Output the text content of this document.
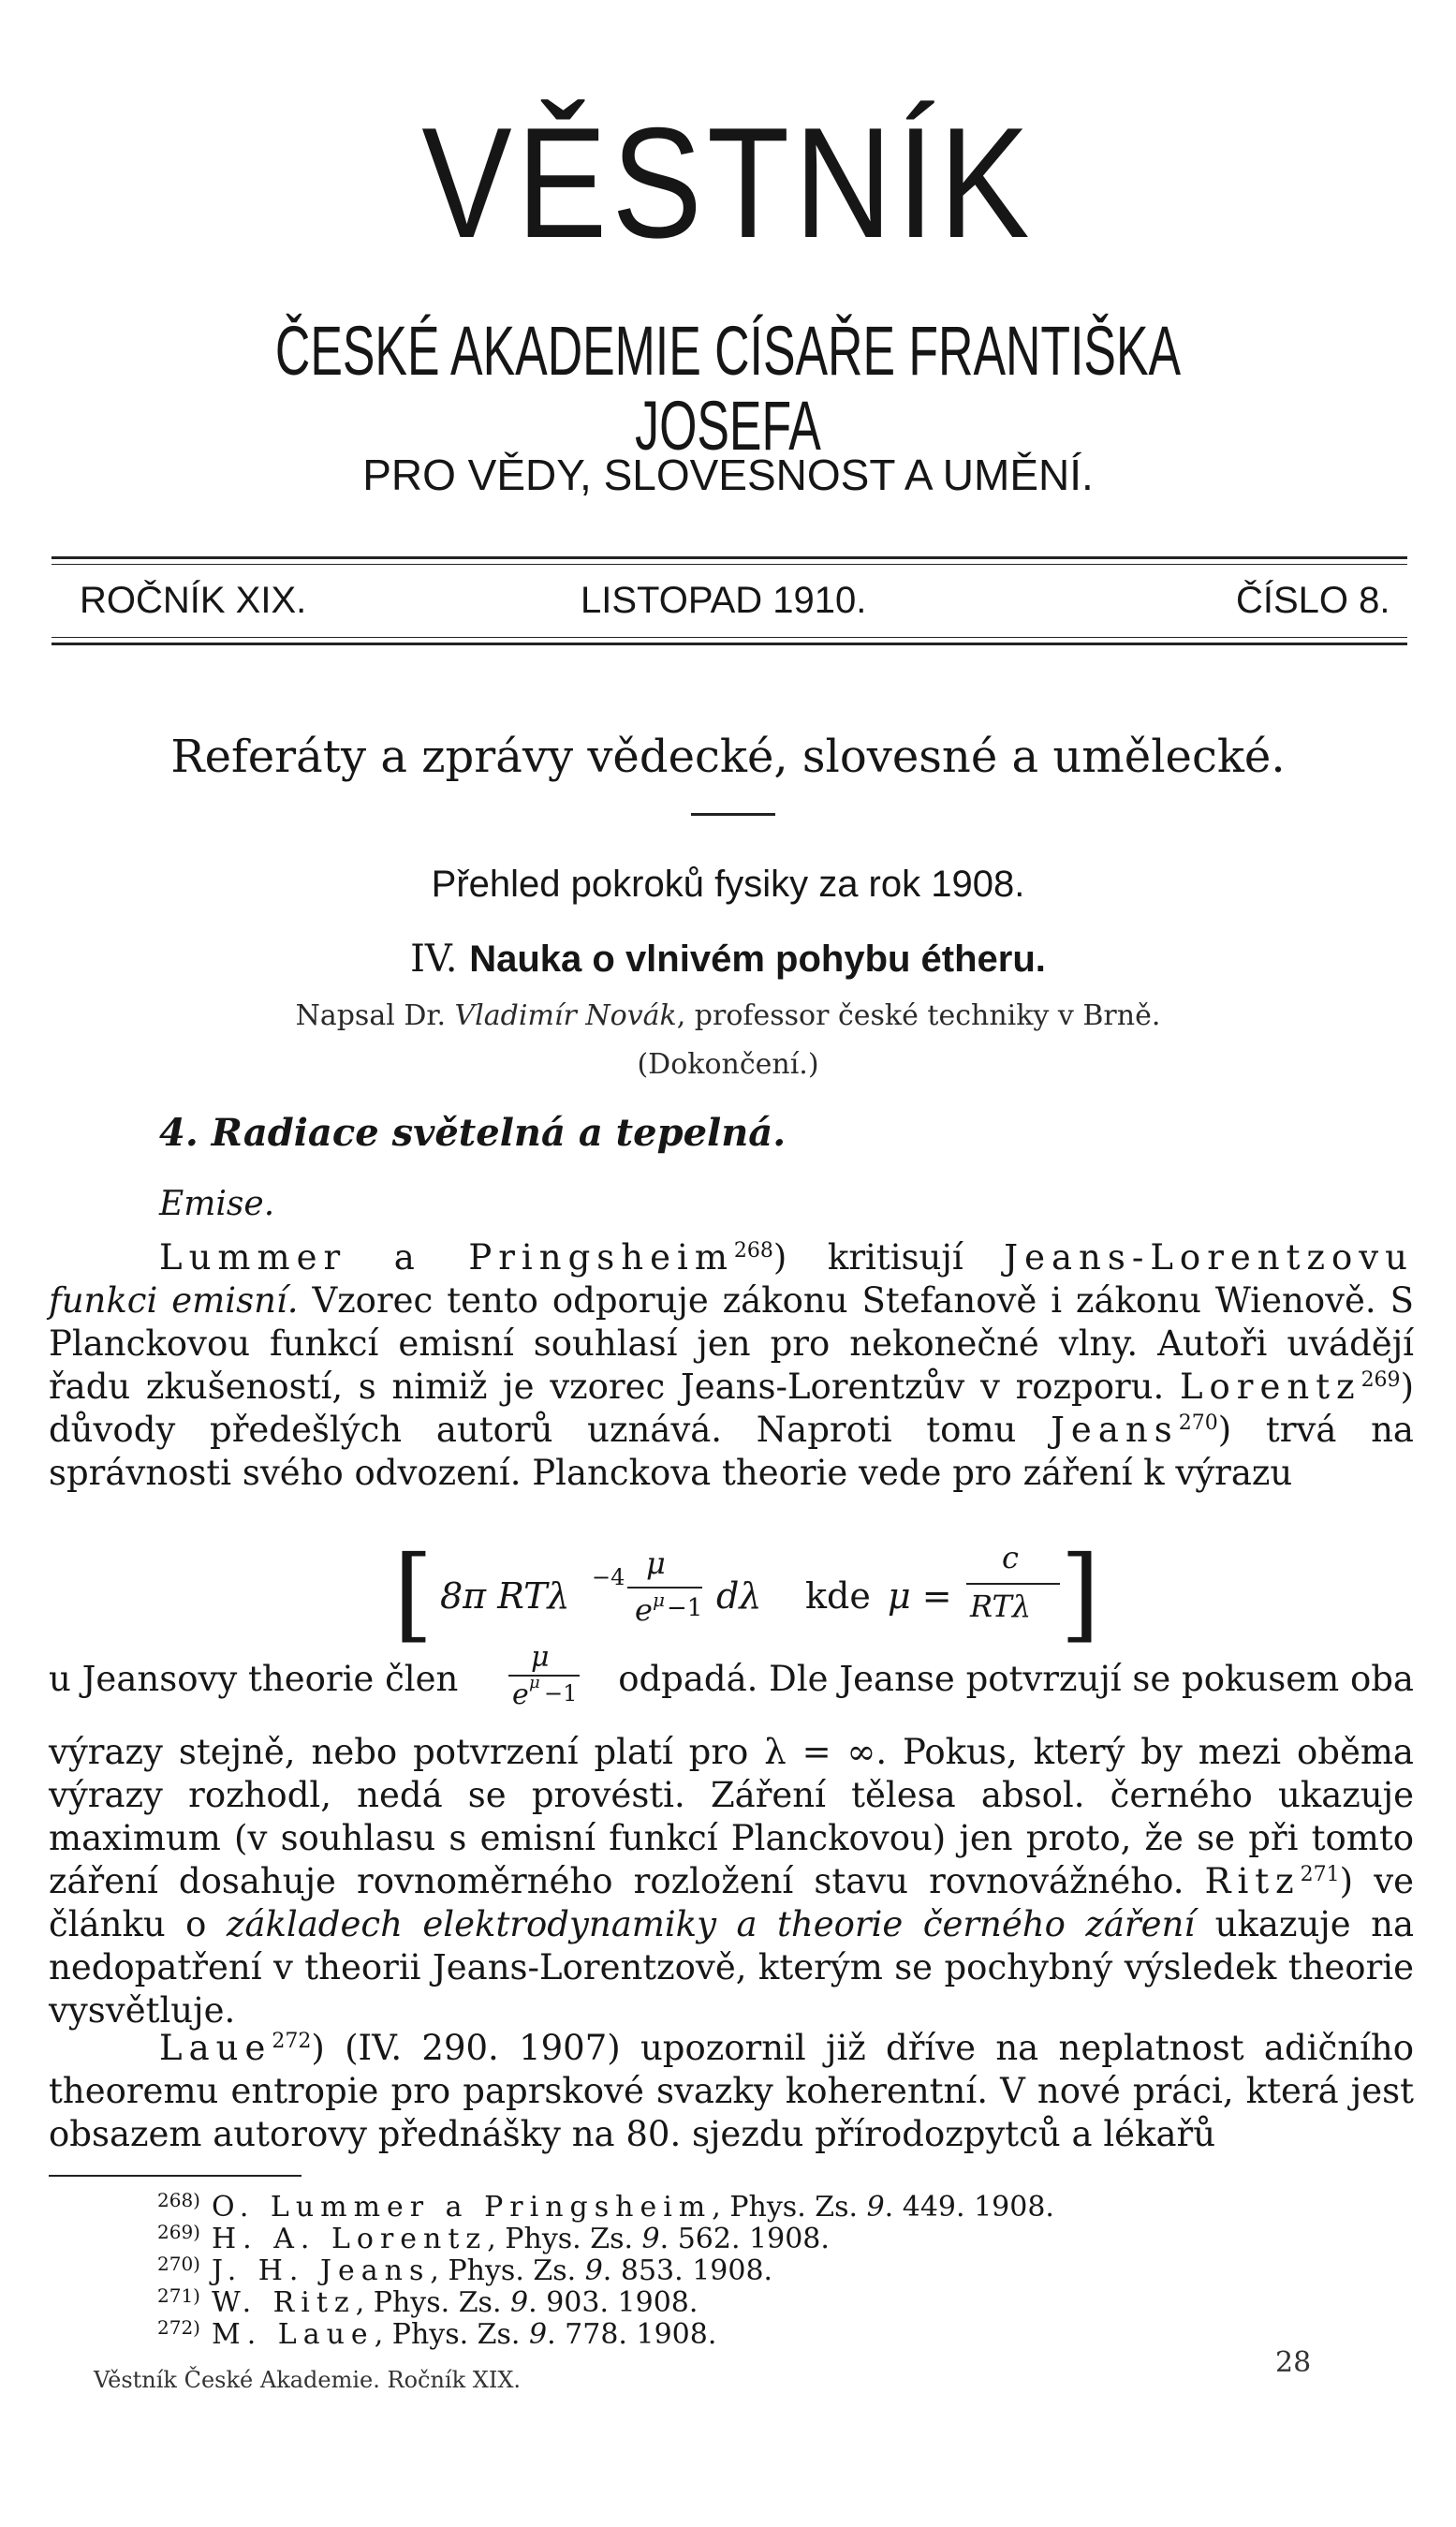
VĚSTNÍK
ČESKÉ AKADEMIE CÍSAŘE FRANTIŠKA JOSEFA
PRO VĚDY, SLOVESNOST A UMĚNÍ.
ROČNÍK XIX.	LISTOPAD 1910.	ČÍSLO 8.
Referáty a zprávy vědecké, slovesné a umělecké.
Přehled pokroků fysiky za rok 1908.
IV. Nauka o vlnivém pohybu étheru.
Napsal Dr. Vladimír Novák, professor české techniky v Brně.
(Dokončení.)
4. Radiace světelná a tepelná.
Emise.
Lummer a Pringsheim$^{268}$) kritisují Jeans-Lorentzovu funkci emisní. Vzorec tento odporuje zákonu Stefanově i zákonu Wienově. S Planckovou funkcí emisní souhlasí jen pro nekonečné vlny. Autoři uvádějí řadu zkušeností, s nimiž je vzorec Jeans-Lorentzův v rozporu. Lorentz$^{269}$) důvody předešlých autorů uznává. Naproti tomu Jeans$^{270}$) trvá na správnosti svého odvození. Planckova theorie vede pro záření k výrazu
[ 8π RTλ −4 μ
e μ −1 dλ kde μ =
c
RTλ ]
u Jeansovy theorie člen
μ
e μ −1	odpadá. Dle Jeanse potvrzují se pokusem oba
výrazy stejně, nebo potvrzení platí pro λ = ∞. Pokus, který by mezi oběma výrazy rozhodl, nedá se provésti. Záření tělesa absol. černého ukazuje maximum (v souhlasu s emisní funkcí Planckovou) jen proto, že se při tomto záření dosahuje rovnoměrného rozložení stavu rovnovážného. Ritz$^{271}$) ve článku o základech elektrodynamiky a theorie černého záření ukazuje na nedopatření v theorii Jeans-Lorentzově, kterým se pochybný výsledek theorie vysvětluje.
Laue$^{272}$) (IV. 290. 1907) upozornil již dříve na neplatnost adičního theoremu entropie pro paprskové svazky koherentní. V nové práci, která jest obsazem autorovy přednášky na 80. sjezdu přírodozpytců a lékařů
268) O. Lummer a Pringsheim, Phys. Zs. 9. 449. 1908.
269) H. A. Lorentz, Phys. Zs. 9. 562. 1908.
270) J. H. Jeans, Phys. Zs. 9. 853. 1908.
271) W. Ritz, Phys. Zs. 9. 903. 1908.
272) M. Laue, Phys. Zs. 9. 778. 1908.
Věstník České Akademie. Ročník XIX.
28
